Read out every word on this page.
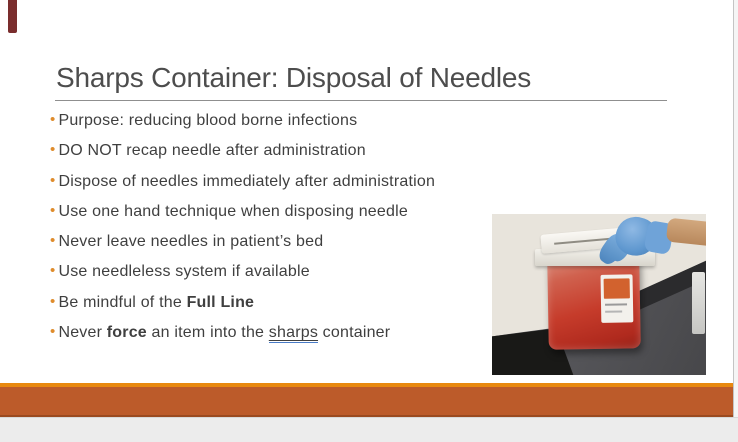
Sharps Container: Disposal of Needles
• Purpose: reducing blood borne infections
• DO NOT recap needle after administration
• Dispose of needles immediately after administration
• Use one hand technique when disposing needle
• Never leave needles in patient’s bed
• Use needleless system if available
• Be mindful of the Full Line
• Never force an item into the sharps container
